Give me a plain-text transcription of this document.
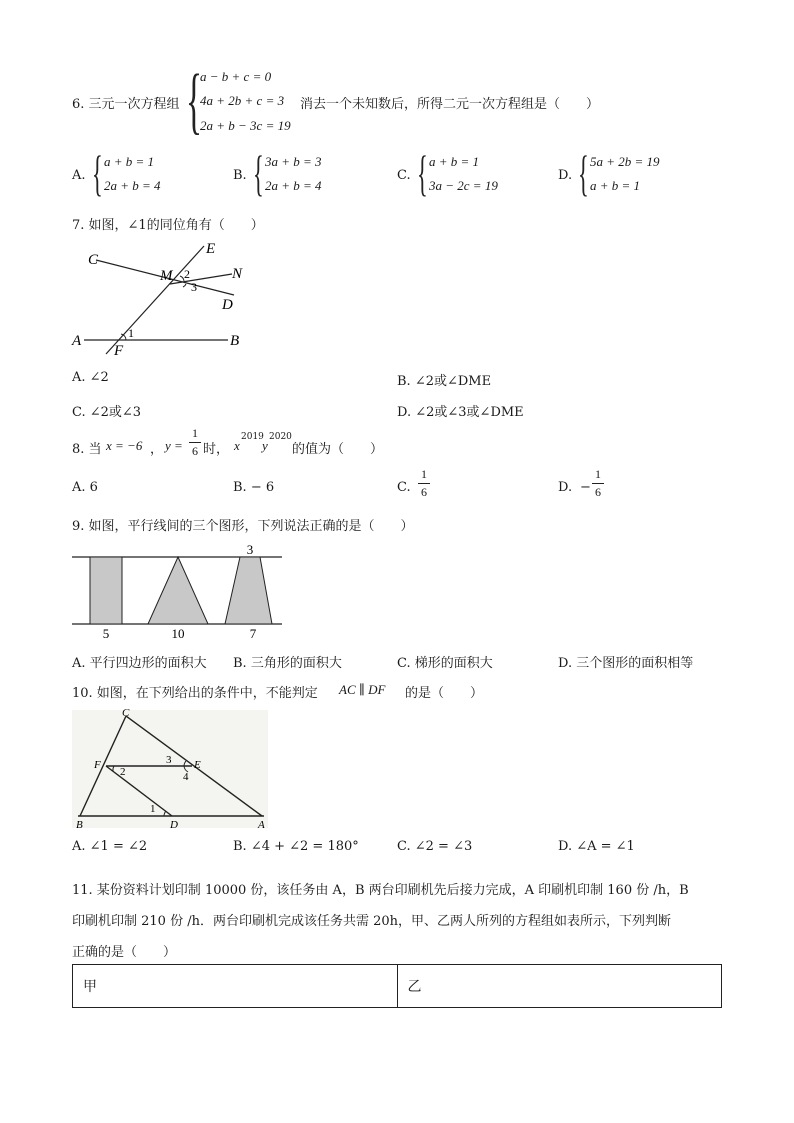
6. 三元一次方程组 {
a − b + c = 0
4a + 2b + c = 3
2a + b − 3c = 19
消去一个未知数后，所得二元一次方程组是（　　）
A. { a + b = 1
2a + b = 4
B. { 3a + b = 3
2a + b = 4
C. { a + b = 1
3a − 2c = 19
D. { 5a + 2b = 19
a + b = 1
7. 如图，∠1的同位角有（　　）
C
E
M	N
D
A	B
F
1
2
3
A. ∠2	B. ∠2或∠DME
C. ∠2或∠3	D. ∠2或∠3或∠DME
8. 当 x = −6 ， y =
1
6 时， x
2019
y
2020
的值为（　　）
A. 6	B. − 6	C.
1
6	D. −
1
6
9. 如图，平行线间的三个图形，下列说法正确的是（　　）
3
5	10	7
A. 平行四边形的面积大 B. 三角形的面积大	C. 梯形的面积大	D. 三个图形的面积相等
10. 如图，在下列给出的条件中，不能判定 AC ∥ DF 的是（　　）
C
F	E
B	D	A
1
2
3
4
A. ∠1 = ∠2	B. ∠4 + ∠2 = 180°	C. ∠2 = ∠3	D. ∠A = ∠1
11. 某份资料计划印制 10000 份，该任务由 A，B 两台印刷机先后接力完成，A 印刷机印制 160 份 /h，B
印刷机印制 210 份 /h．两台印刷机完成该任务共需 20h，甲、乙两人所列的方程组如表所示，下列判断
正确的是（　　）
甲	乙
